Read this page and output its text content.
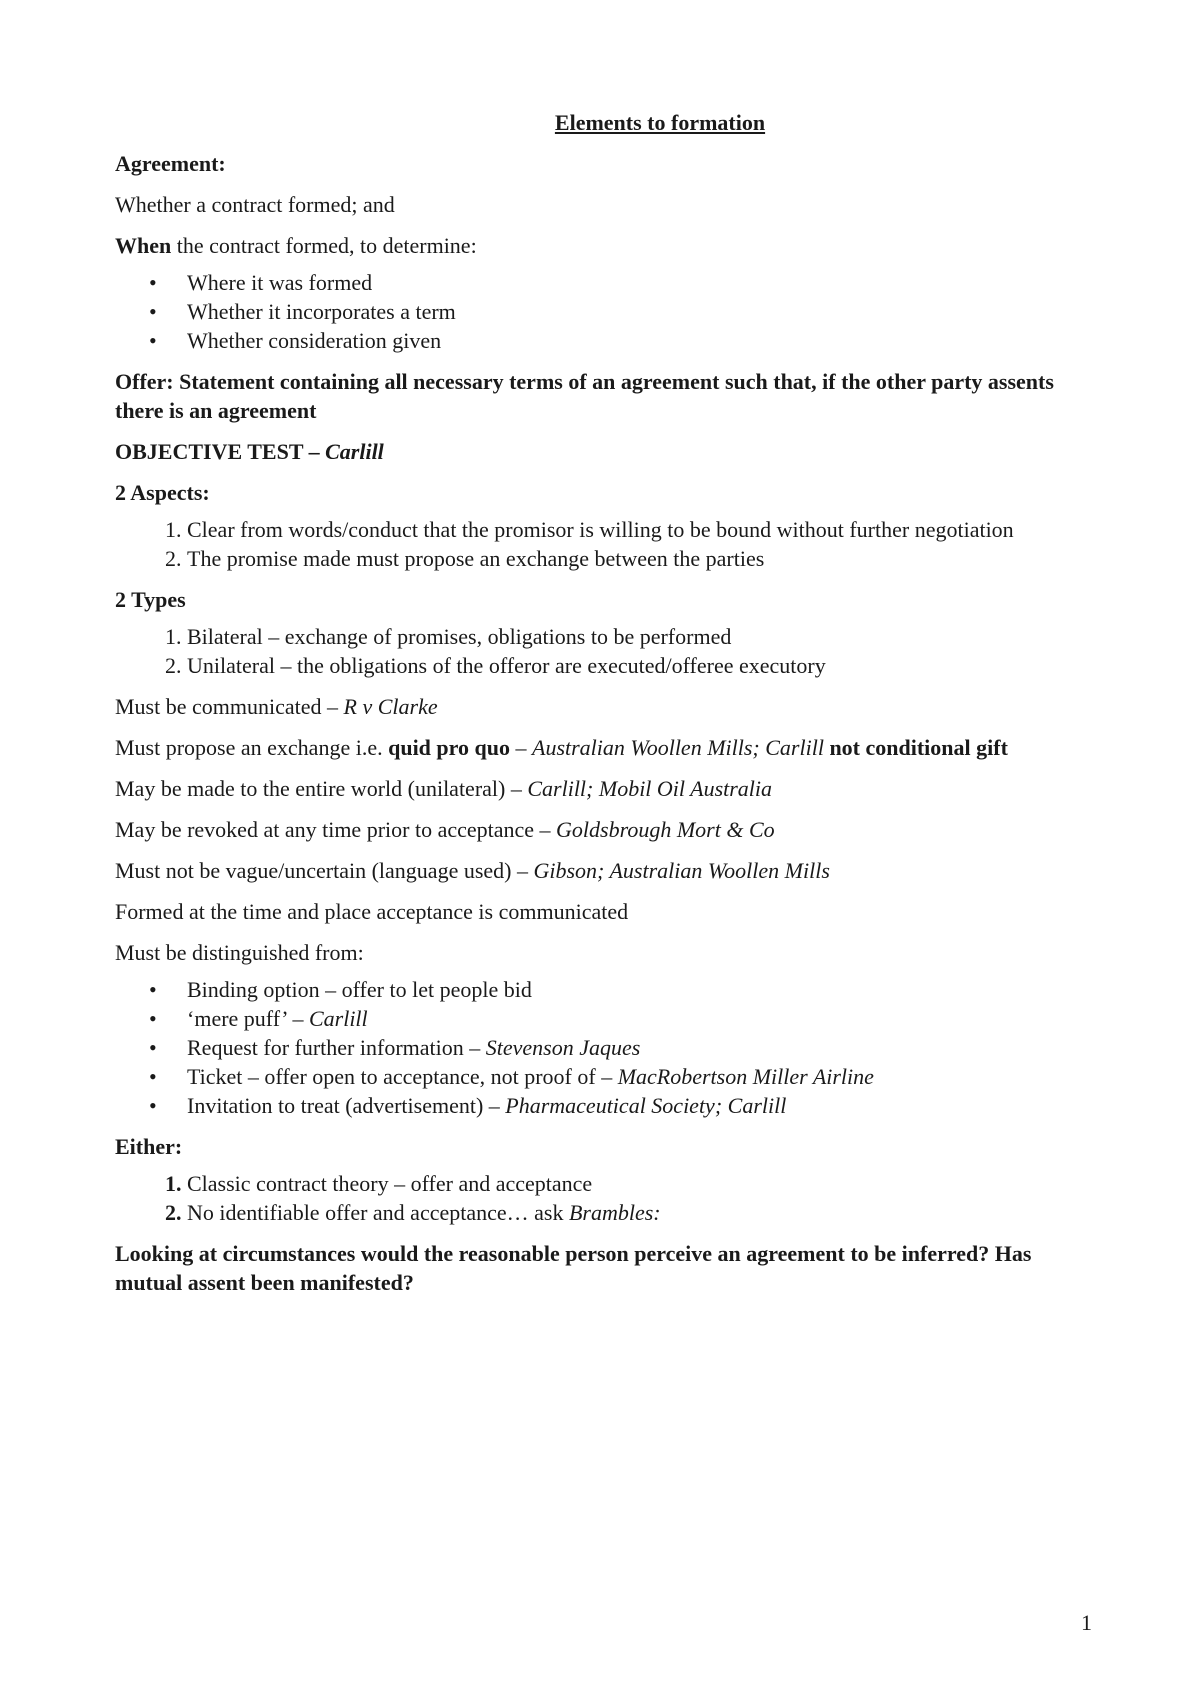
Elements to formation

Agreement:

Whether a contract formed; and

When the contract formed, to determine:

• Where it was formed
• Whether it incorporates a term
• Whether consideration given

Offer: Statement containing all necessary terms of an agreement such that, if the other party assents there is an agreement

OBJECTIVE TEST – Carlill

2 Aspects:

1. Clear from words/conduct that the promisor is willing to be bound without further negotiation
2. The promise made must propose an exchange between the parties

2 Types

1. Bilateral – exchange of promises, obligations to be performed
2. Unilateral – the obligations of the offeror are executed/offeree executory

Must be communicated – R v Clarke

Must propose an exchange i.e. quid pro quo – Australian Woollen Mills; Carlill not conditional gift

May be made to the entire world (unilateral) – Carlill; Mobil Oil Australia

May be revoked at any time prior to acceptance – Goldsbrough Mort & Co

Must not be vague/uncertain (language used) – Gibson; Australian Woollen Mills

Formed at the time and place acceptance is communicated

Must be distinguished from:

• Binding option – offer to let people bid
• ‘mere puff’ – Carlill
• Request for further information – Stevenson Jaques
• Ticket – offer open to acceptance, not proof of – MacRobertson Miller Airline
• Invitation to treat (advertisement) – Pharmaceutical Society; Carlill

Either:

1. Classic contract theory – offer and acceptance
2. No identifiable offer and acceptance… ask Brambles:

Looking at circumstances would the reasonable person perceive an agreement to be inferred? Has mutual assent been manifested?

1
